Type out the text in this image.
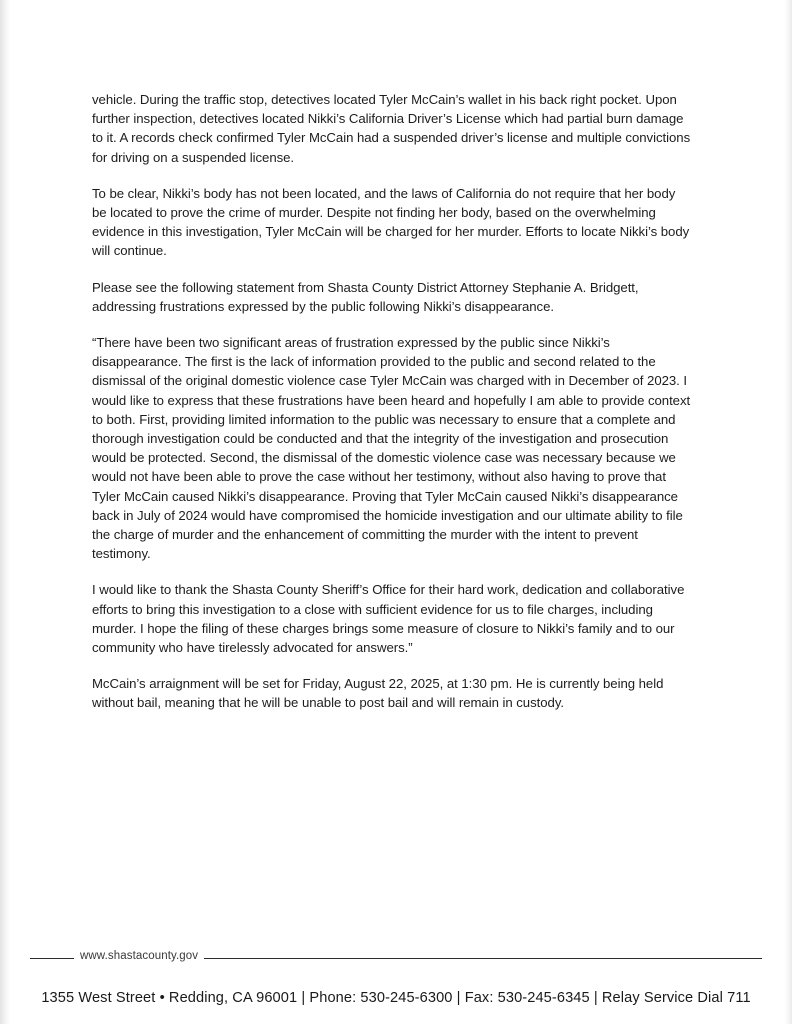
vehicle. During the traffic stop, detectives located Tyler McCain’s wallet in his back right pocket. Upon further inspection, detectives located Nikki’s California Driver’s License which had partial burn damage to it. A records check confirmed Tyler McCain had a suspended driver’s license and multiple convictions for driving on a suspended license.

To be clear, Nikki’s body has not been located, and the laws of California do not require that her body be located to prove the crime of murder. Despite not finding her body, based on the overwhelming evidence in this investigation, Tyler McCain will be charged for her murder. Efforts to locate Nikki’s body will continue.

Please see the following statement from Shasta County District Attorney Stephanie A. Bridgett, addressing frustrations expressed by the public following Nikki’s disappearance.

“There have been two significant areas of frustration expressed by the public since Nikki’s disappearance. The first is the lack of information provided to the public and second related to the dismissal of the original domestic violence case Tyler McCain was charged with in December of 2023. I would like to express that these frustrations have been heard and hopefully I am able to provide context to both. First, providing limited information to the public was necessary to ensure that a complete and thorough investigation could be conducted and that the integrity of the investigation and prosecution would be protected. Second, the dismissal of the domestic violence case was necessary because we would not have been able to prove the case without her testimony, without also having to prove that Tyler McCain caused Nikki’s disappearance. Proving that Tyler McCain caused Nikki’s disappearance back in July of 2024 would have compromised the homicide investigation and our ultimate ability to file the charge of murder and the enhancement of committing the murder with the intent to prevent testimony.

I would like to thank the Shasta County Sheriff’s Office for their hard work, dedication and collaborative efforts to bring this investigation to a close with sufficient evidence for us to file charges, including murder. I hope the filing of these charges brings some measure of closure to Nikki’s family and to our community who have tirelessly advocated for answers.”

McCain’s arraignment will be set for Friday, August 22, 2025, at 1:30 pm. He is currently being held without bail, meaning that he will be unable to post bail and will remain in custody.

www.shastacounty.gov
1355 West Street • Redding, CA 96001 | Phone: 530-245-6300 | Fax: 530-245-6345 | Relay Service Dial 711
